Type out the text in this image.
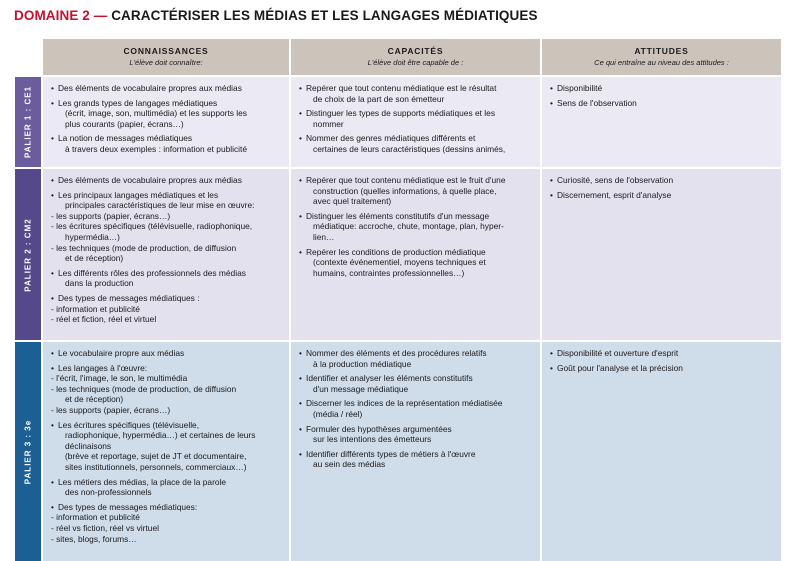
DOMAINE 2 — CARACTÉRISER LES MÉDIAS ET LES LANGAGES MÉDIATIQUES
CONNAISSANCES
L'élève doit connaître:
CAPACITÉS
L'élève doit être capable de :
ATTITUDES
Ce qui entraîne au niveau des attitudes :
PALIER 1 : CE1 • Des éléments de vocabulaire propres aux médias
• Les grands types de langages médiatiques
(écrit, image, son, multimédia) et les supports les
plus courants (papier, écrans…)
• La notion de messages médiatiques
à travers deux exemples : information et publicité
• Repérer que tout contenu médiatique est le résultat
de choix de la part de son émetteur
• Distinguer les types de supports médiatiques et les
nommer
• Nommer des genres médiatiques différents et
certaines de leurs caractéristiques (dessins animés,
• Disponibilité
• Sens de l'observation
PALIER 2 : CM2
• Des éléments de vocabulaire propres aux médias
• Les principaux langages médiatiques et les
principales caractéristiques de leur mise en œuvre:
- les supports (papier, écrans…)
- les écritures spécifiques (télévisuelle, radiophonique,
hypermédia…)
- les techniques (mode de production, de diffusion
et de réception)
• Les différents rôles des professionnels des médias
dans la production
• Des types de messages médiatiques :
- information et publicité
- réel et fiction, réel et virtuel
• Repérer que tout contenu médiatique est le fruit d'une
construction (quelles informations, à quelle place,
avec quel traitement)
• Distinguer les éléments constitutifs d'un message
médiatique: accroche, chute, montage, plan, hyper-
lien…
• Repérer les conditions de production médiatique
(contexte événementiel, moyens techniques et
humains, contraintes professionnelles…)
• Curiosité, sens de l'observation
• Discernement, esprit d'analyse
PALIER 3 : 3e
• Le vocabulaire propre aux médias
• Les langages à l'œuvre:
- l'écrit, l'image, le son, le multimédia
- les techniques (mode de production, de diffusion
et de réception)
- les supports (papier, écrans…)
• Les écritures spécifiques (télévisuelle,
radiophonique, hypermédia…) et certaines de leurs
déclinaisons
(brève et reportage, sujet de JT et documentaire,
sites institutionnels, personnels, commerciaux…)
• Les métiers des médias, la place de la parole
des non-professionnels
• Des types de messages médiatiques:
- information et publicité
- réel vs fiction, réel vs virtuel
- sites, blogs, forums…
• Nommer des éléments et des procédures relatifs
à la production médiatique
• Identifier et analyser les éléments constitutifs
d'un message médiatique
• Discerner les indices de la représentation médiatisée
(média / réel)
• Formuler des hypothèses argumentées
sur les intentions des émetteurs
• Identifier différents types de métiers à l'œuvre
au sein des médias
• Disponibilité et ouverture d'esprit
• Goût pour l'analyse et la précision
